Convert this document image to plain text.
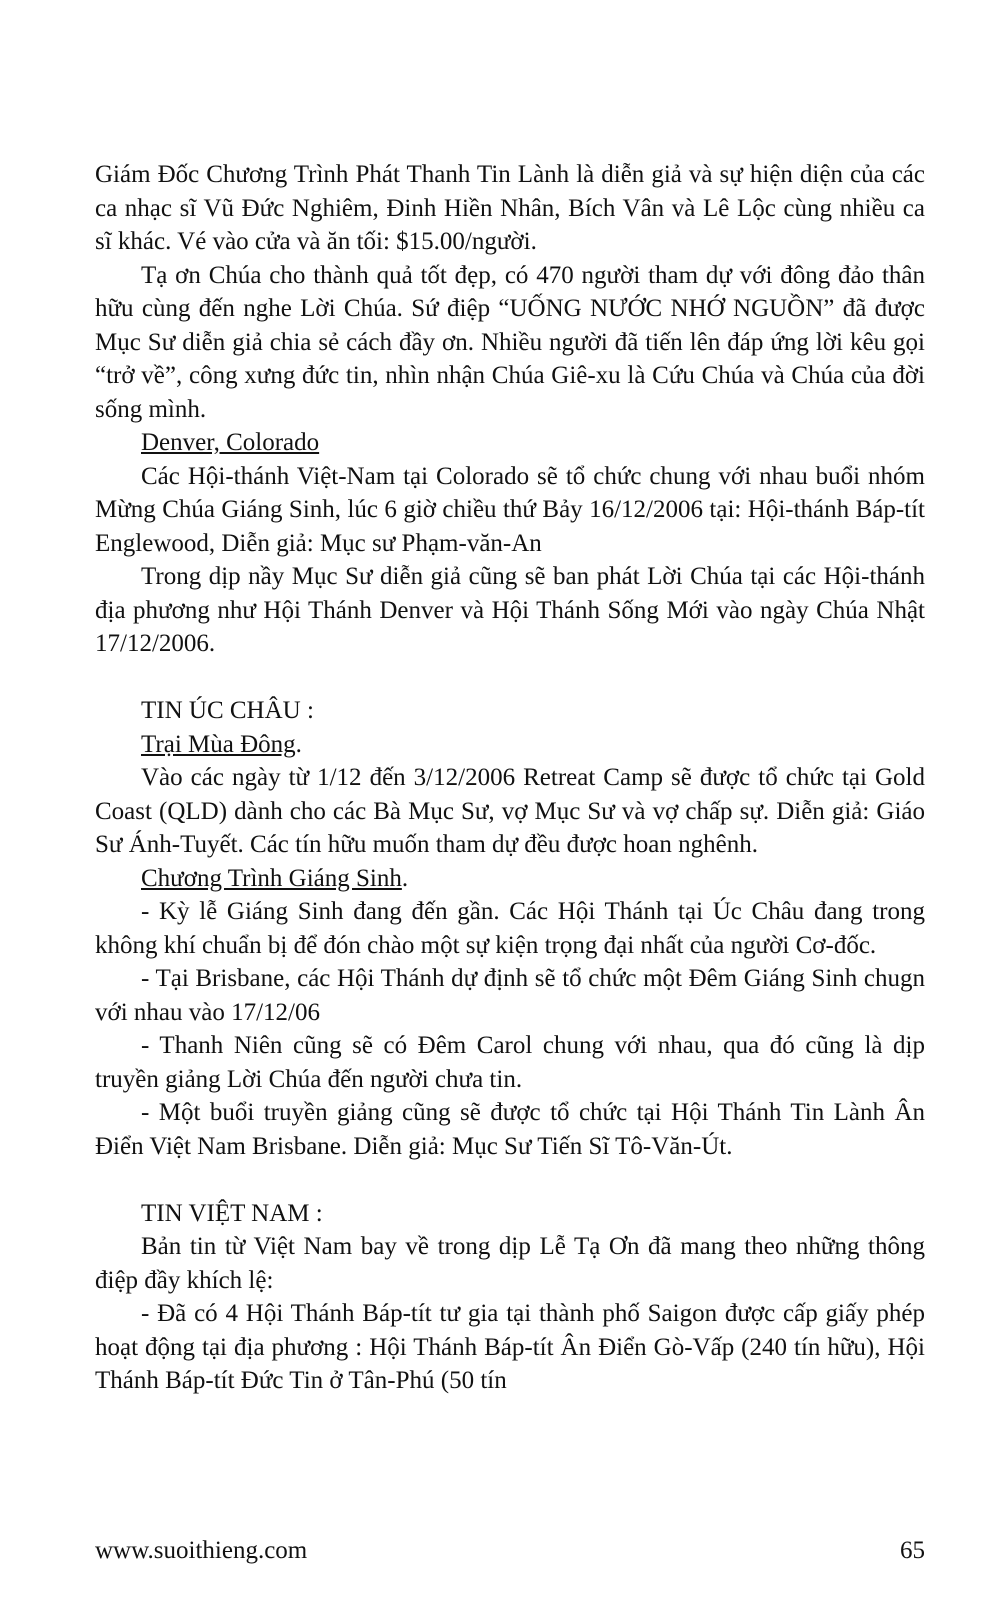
Giám Đốc Chương Trình Phát Thanh Tin Lành là diễn giả và sự hiện diện của các ca nhạc sĩ Vũ Đức Nghiêm, Đinh Hiền Nhân, Bích Vân và Lê Lộc cùng nhiều ca sĩ khác. Vé vào cửa và ăn tối: $15.00/người.

Tạ ơn Chúa cho thành quả tốt đẹp, có 470 người tham dự với đông đảo thân hữu cùng đến nghe Lời Chúa. Sứ điệp “UỐNG NƯỚC NHỚ NGUỒN” đã được Mục Sư diễn giả chia sẻ cách đầy ơn. Nhiều người đã tiến lên đáp ứng lời kêu gọi “trở về”, công xưng đức tin, nhìn nhận Chúa Giê-xu là Cứu Chúa và Chúa của đời sống mình.

Denver, Colorado

Các Hội-thánh Việt-Nam tại Colorado sẽ tổ chức chung với nhau buổi nhóm Mừng Chúa Giáng Sinh, lúc 6 giờ chiều thứ Bảy 16/12/2006 tại: Hội-thánh Báp-tít Englewood, Diễn giả: Mục sư Phạm-văn-An

Trong dịp nầy Mục Sư diễn giả cũng sẽ ban phát Lời Chúa tại các Hội-thánh địa phương như Hội Thánh Denver và Hội Thánh Sống Mới vào ngày Chúa Nhật 17/12/2006.

TIN ÚC CHÂU :

Trại Mùa Đông.

Vào các ngày từ 1/12 đến 3/12/2006 Retreat Camp sẽ được tổ chức tại Gold Coast (QLD) dành cho các Bà Mục Sư, vợ Mục Sư và vợ chấp sự. Diễn giả: Giáo Sư Ánh-Tuyết. Các tín hữu muốn tham dự đều được hoan nghênh.

Chương Trình Giáng Sinh.

- Kỳ lễ Giáng Sinh đang đến gần. Các Hội Thánh tại Úc Châu đang trong không khí chuẩn bị để đón chào một sự kiện trọng đại nhất của người Cơ-đốc.

- Tại Brisbane, các Hội Thánh dự định sẽ tổ chức một Đêm Giáng Sinh chugn với nhau vào 17/12/06

- Thanh Niên cũng sẽ có Đêm Carol chung với nhau, qua đó cũng là dịp truyền giảng Lời Chúa đến người chưa tin.

- Một buổi truyền giảng cũng sẽ được tổ chức tại Hội Thánh Tin Lành Ân Điển Việt Nam Brisbane. Diễn giả: Mục Sư Tiến Sĩ Tô-Văn-Út.

TIN VIỆT NAM :

Bản tin từ Việt Nam bay về trong dịp Lễ Tạ Ơn đã mang theo những thông điệp đầy khích lệ:

- Đã có 4 Hội Thánh Báp-tít tư gia tại thành phố Saigon được cấp giấy phép hoạt động tại địa phương : Hội Thánh Báp-tít Ân Điển Gò-Vấp (240 tín hữu), Hội Thánh Báp-tít Đức Tin ở Tân-Phú (50 tín

www.suoithieng.com	65
